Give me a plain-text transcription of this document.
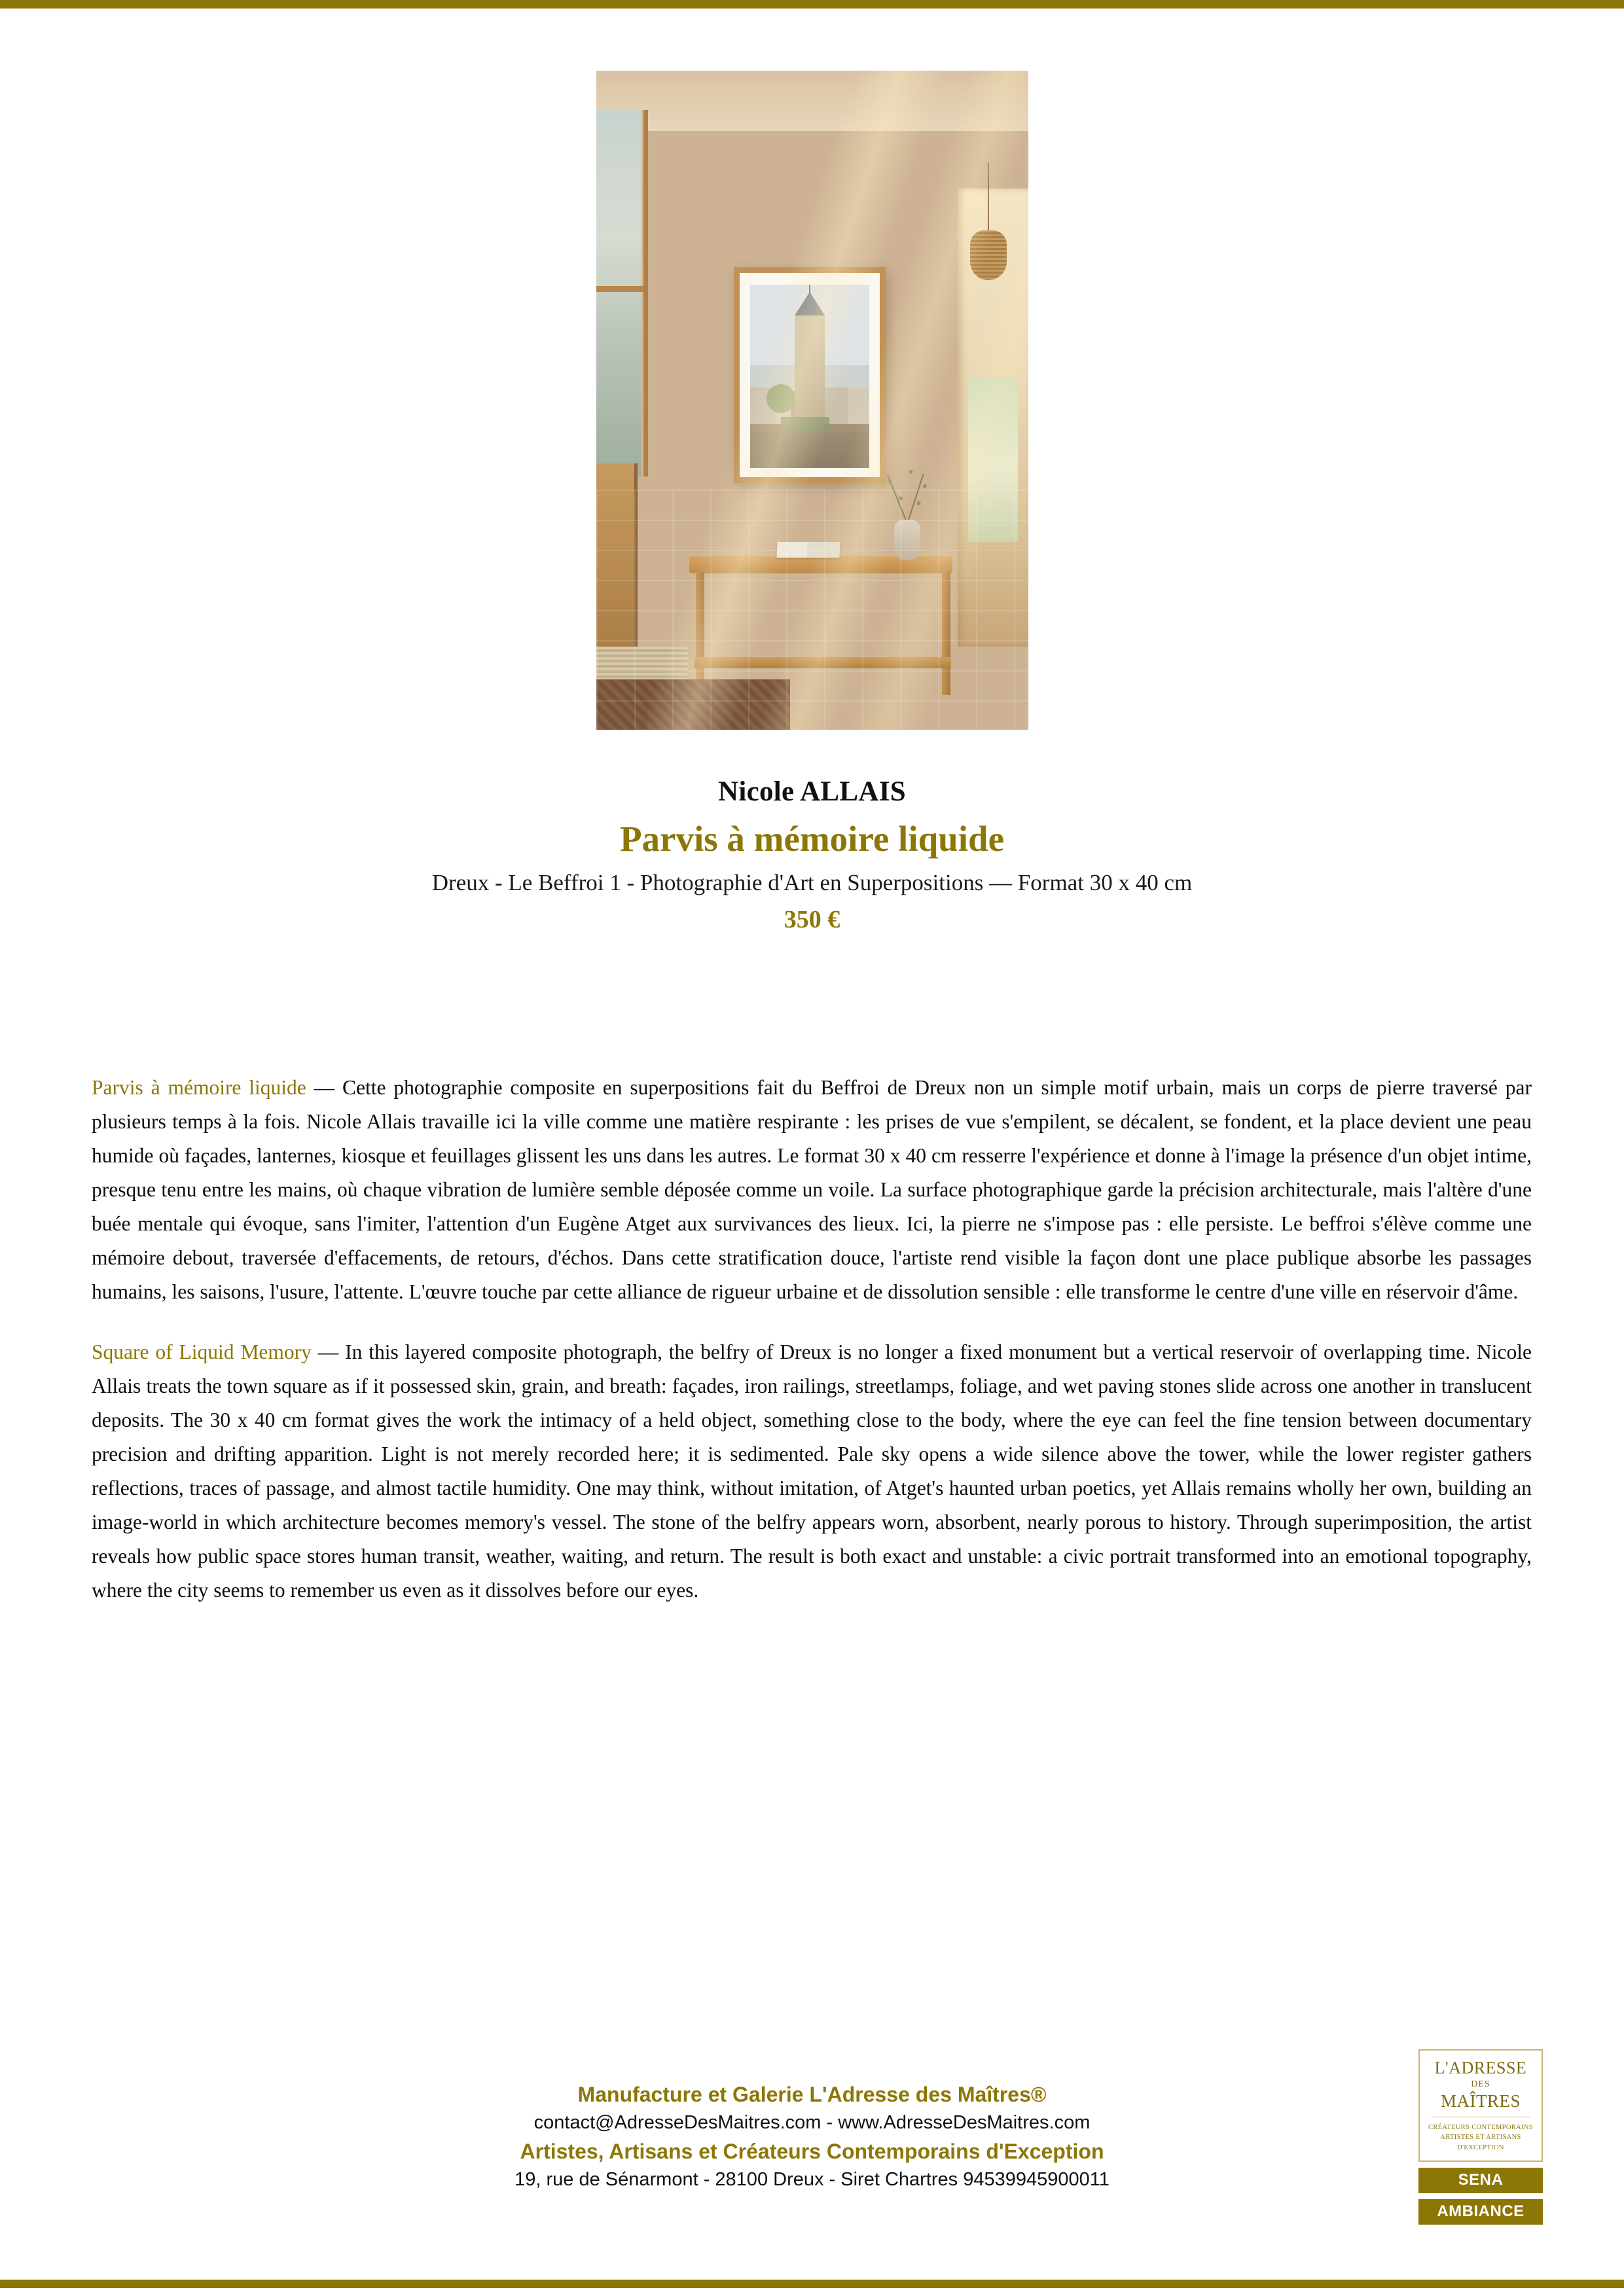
Nicole ALLAIS
Parvis à mémoire liquide
Dreux - Le Beffroi 1 - Photographie d'Art en Superpositions — Format 30 x 40 cm
350 €

Parvis à mémoire liquide — Cette photographie composite en superpositions fait du Beffroi de Dreux non un simple motif urbain, mais un corps de pierre traversé par plusieurs temps à la fois. Nicole Allais travaille ici la ville comme une matière respirante : les prises de vue s'empilent, se décalent, se fondent, et la place devient une peau humide où façades, lanternes, kiosque et feuillages glissent les uns dans les autres. Le format 30 x 40 cm resserre l'expérience et donne à l'image la présence d'un objet intime, presque tenu entre les mains, où chaque vibration de lumière semble déposée comme un voile. La surface photographique garde la précision architecturale, mais l'altère d'une buée mentale qui évoque, sans l'imiter, l'attention d'un Eugène Atget aux survivances des lieux. Ici, la pierre ne s'impose pas : elle persiste. Le beffroi s'élève comme une mémoire debout, traversée d'effacements, de retours, d'échos. Dans cette stratification douce, l'artiste rend visible la façon dont une place publique absorbe les passages humains, les saisons, l'usure, l'attente. L'œuvre touche par cette alliance de rigueur urbaine et de dissolution sensible : elle transforme le centre d'une ville en réservoir d'âme.

Square of Liquid Memory — In this layered composite photograph, the belfry of Dreux is no longer a fixed monument but a vertical reservoir of overlapping time. Nicole Allais treats the town square as if it possessed skin, grain, and breath: façades, iron railings, streetlamps, foliage, and wet paving stones slide across one another in translucent deposits. The 30 x 40 cm format gives the work the intimacy of a held object, something close to the body, where the eye can feel the fine tension between documentary precision and drifting apparition. Light is not merely recorded here; it is sedimented. Pale sky opens a wide silence above the tower, while the lower register gathers reflections, traces of passage, and almost tactile humidity. One may think, without imitation, of Atget's haunted urban poetics, yet Allais remains wholly her own, building an image-world in which architecture becomes memory's vessel. The stone of the belfry appears worn, absorbent, nearly porous to history. Through superimposition, the artist reveals how public space stores human transit, weather, waiting, and return. The result is both exact and unstable: a civic portrait transformed into an emotional topography, where the city seems to remember us even as it dissolves before our eyes.

Manufacture et Galerie L'Adresse des Maîtres®
contact@AdresseDesMaitres.com - www.AdresseDesMaitres.com
Artistes, Artisans et Créateurs Contemporains d'Exception
19, rue de Sénarmont - 28100 Dreux - Siret Chartres 94539945900011
L'ADRESSE
DES
MAÎTRES
CRÉATEURS CONTEMPORAINS
ARTISTES ET ARTISANS
D'EXCEPTION
SENA
AMBIANCE
